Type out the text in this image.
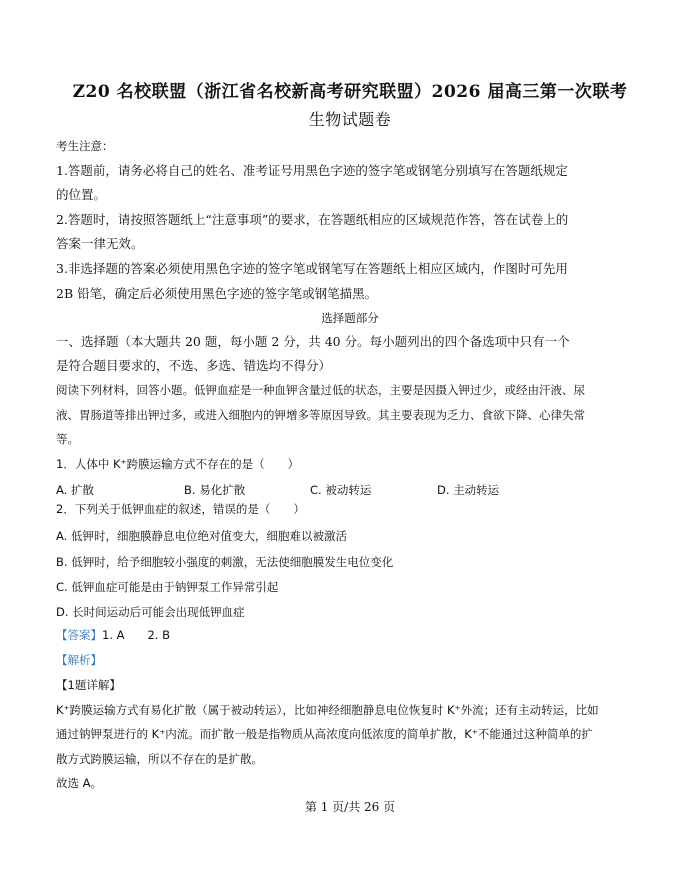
Z20 名校联盟（浙江省名校新高考研究联盟）2026 届高三第一次联考
生物试题卷
考生注意：
1.答题前，请务必将自己的姓名、准考证号用黑色字迹的签字笔或钢笔分别填写在答题纸规定
的位置。
2.答题时，请按照答题纸上“注意事项”的要求，在答题纸相应的区域规范作答，答在试卷上的
答案一律无效。
3.非选择题的答案必须使用黑色字迹的签字笔或钢笔写在答题纸上相应区域内，作图时可先用
2B 铅笔，确定后必须使用黑色字迹的签字笔或钢笔描黑。
选择题部分
一、选择题（本大题共 20 题，每小题 2 分，共 40 分。每小题列出的四个备选项中只有一个
是符合题目要求的，不选、多选、错选均不得分）
阅读下列材料，回答小题。低钾血症是一种血钾含量过低的状态，主要是因摄入钾过少，或经由汗液、尿
液、胃肠道等排出钾过多，或进入细胞内的钾增多等原因导致。其主要表现为乏力、食欲下降、心律失常
等。
1．人体中 K⁺跨膜运输方式不存在的是（　　）
A. 扩散	B. 易化扩散	C. 被动转运	D. 主动转运
2．下列关于低钾血症的叙述，错误的是（　　）
A. 低钾时，细胞膜静息电位绝对值变大，细胞难以被激活
B. 低钾时，给予细胞较小强度的刺激，无法使细胞膜发生电位变化
C. 低钾血症可能是由于钠钾泵工作异常引起
D. 长时间运动后可能会出现低钾血症
【答案】1. A　　2. B
【解析】
【1题详解】
K⁺跨膜运输方式有易化扩散（属于被动转运），比如神经细胞静息电位恢复时 K⁺外流；还有主动转运，比如
通过钠钾泵进行的 K⁺内流。而扩散一般是指物质从高浓度向低浓度的简单扩散，K⁺不能通过这种简单的扩
散方式跨膜运输，所以不存在的是扩散。
故选 A。
第 1 页/共 26 页
